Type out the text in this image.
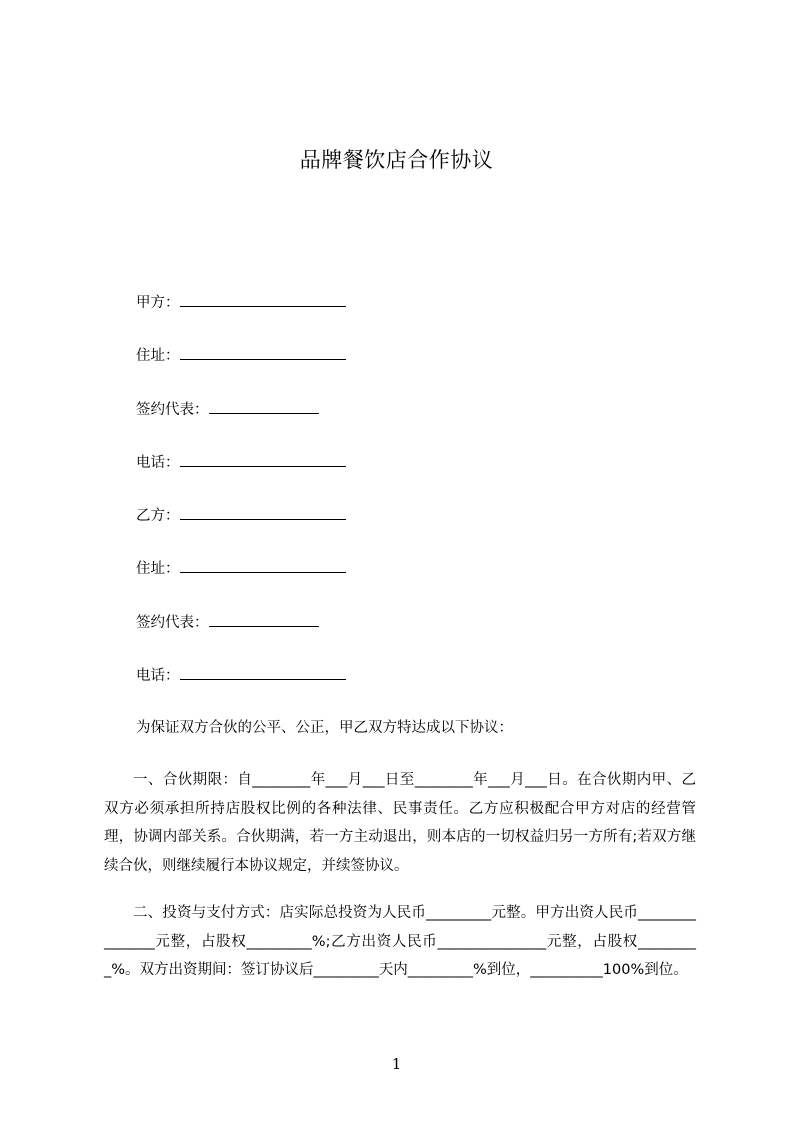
品牌餐饮店合作协议
甲方：
住址：
签约代表：
电话：
乙方：
住址：
签约代表：
电话：
为保证双方合伙的公平、公正，甲乙双方特达成以下协议：
一、合伙期限：自________年___月___日至________年___月___日。在合伙期内甲、乙双方必须承担所持店股权比例的各种法律、民事责任。乙方应积极配合甲方对店的经营管理，协调内部关系。合伙期满，若一方主动退出，则本店的一切权益归另一方所有;若双方继续合伙，则继续履行本协议规定，并续签协议。
二、投资与支付方式：店实际总投资为人民币_________元整。甲方出资人民币_______________元整，占股权_________%;乙方出资人民币_______________元整，占股权_________%。双方出资期间：签订协议后_________天内_________%到位，__________100%到位。
1
